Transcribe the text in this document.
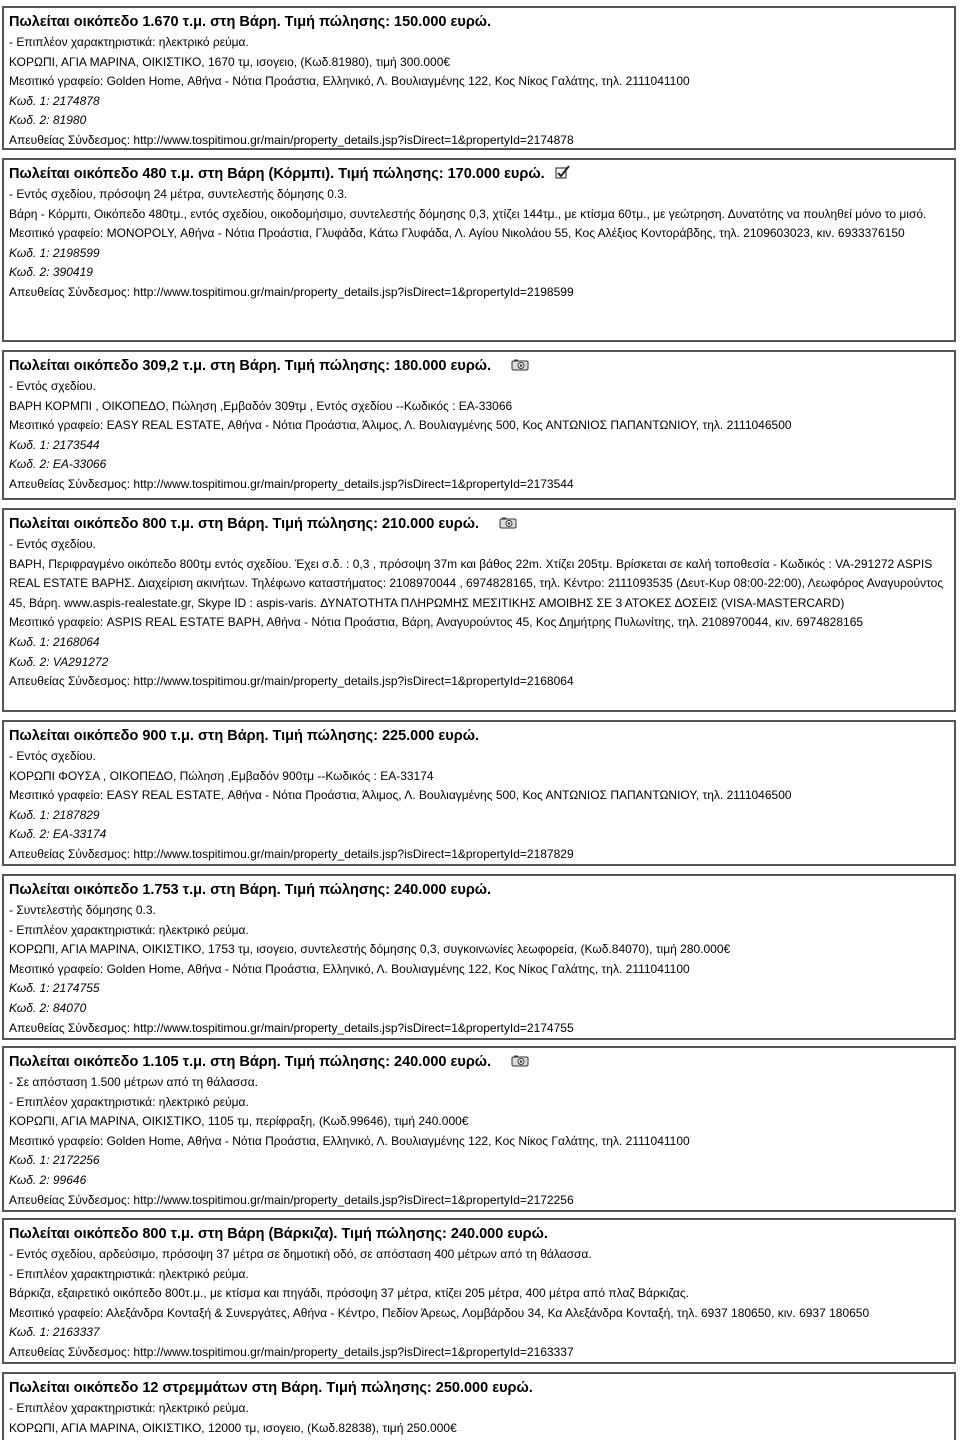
Πωλείται οικόπεδο 1.670 τ.μ. στη Βάρη. Τιμή πώλησης: 150.000 ευρώ.
- Επιπλέον χαρακτηριστικά: ηλεκτρικό ρεύμα.
ΚΟΡΩΠΙ, ΑΓΙΑ ΜΑΡΙΝΑ, ΟΙΚΙΣΤΙΚΟ, 1670 τμ, ισογειο, (Κωδ.81980), τιμή 300.000€
Μεσιτικό γραφείο: Golden Home, Αθήνα - Νότια Προάστια, Ελληνικό, Λ. Βουλιαγμένης 122, Κος Νίκος Γαλάτης, τηλ. 2111041100
Κωδ. 1: 2174878
Κωδ. 2: 81980
Απευθείας Σύνδεσμος: http://www.tospitimou.gr/main/property_details.jsp?isDirect=1&propertyId=2174878
Πωλείται οικόπεδο 480 τ.μ. στη Βάρη (Κόρμπι). Τιμή πώλησης: 170.000 ευρώ.
- Εντός σχεδίου, πρόσοψη 24 μέτρα, συντελεστής δόμησης 0.3.
Βάρη - Κόρμπι, Οικόπεδο 480τμ., εντός σχεδίου, οικοδομήσιμο, συντελεστής δόμησης 0,3, χτίζει 144τμ., με κτίσμα 60τμ., με γεώτρηση. Δυνατότης να πουληθεί μόνο το μισό.
Μεσιτικό γραφείο: MONOPOLY, Αθήνα - Νότια Προάστια, Γλυφάδα, Κάτω Γλυφάδα, Λ. Αγίου Νικολάου 55, Κος Αλέξιος Κοντοράβδης, τηλ. 2109603023, κιν. 6933376150
Κωδ. 1: 2198599
Κωδ. 2: 390419
Απευθείας Σύνδεσμος: http://www.tospitimou.gr/main/property_details.jsp?isDirect=1&propertyId=2198599
Πωλείται οικόπεδο 309,2 τ.μ. στη Βάρη. Τιμή πώλησης: 180.000 ευρώ.
- Εντός σχεδίου.
ΒΑΡΗ ΚΟΡΜΠΙ , ΟΙΚΟΠΕΔΟ, Πώληση ,Εμβαδόν 309τμ , Εντός σχεδίου --Κωδικός : ΕΑ-33066
Μεσιτικό γραφείο: EASY REAL ESTATE, Αθήνα - Νότια Προάστια, Άλιμος, Λ. Βουλιαγμένης 500, Κος ΑΝΤΩΝΙΟΣ ΠΑΠΑΝΤΩΝΙΟΥ, τηλ. 2111046500
Κωδ. 1: 2173544
Κωδ. 2: ΕΑ-33066
Απευθείας Σύνδεσμος: http://www.tospitimou.gr/main/property_details.jsp?isDirect=1&propertyId=2173544
Πωλείται οικόπεδο 800 τ.μ. στη Βάρη. Τιμή πώλησης: 210.000 ευρώ.
- Εντός σχεδίου.
ΒΑΡΗ, Περιφραγμένο οικόπεδο 800τμ εντός σχεδίου. Έχει σ.δ. : 0,3 , πρόσοψη 37m και βάθος 22m. Χτίζει 205τμ. Βρίσκεται σε καλή τοποθεσία - Κωδικός : VA-291272 ASPIS REAL ESTATE ΒΑΡΗΣ. Διαχείριση ακινήτων. Τηλέφωνο καταστήματος: 2108970044 , 6974828165, τηλ. Κέντρο: 2111093535 (Δευτ-Κυρ 08:00-22:00), Λεωφόρος Αναγυρούντος 45, Βάρη. www.aspis-realestate.gr, Skype ID : aspis-varis. ΔΥΝΑΤΟΤΗΤΑ ΠΛΗΡΩΜΗΣ ΜΕΣΙΤΙΚΗΣ ΑΜΟΙΒΗΣ ΣΕ 3 ΑΤΟΚΕΣ ΔΟΣΕΙΣ (VISA-MASTERCARD)
Μεσιτικό γραφείο: ASPIS REAL ESTATE ΒΑΡΗ, Αθήνα - Νότια Προάστια, Βάρη, Αναγυρούντος 45, Κος Δημήτρης Πυλωνίτης, τηλ. 2108970044, κιν. 6974828165
Κωδ. 1: 2168064
Κωδ. 2: VA291272
Απευθείας Σύνδεσμος: http://www.tospitimou.gr/main/property_details.jsp?isDirect=1&propertyId=2168064
Πωλείται οικόπεδο 900 τ.μ. στη Βάρη. Τιμή πώλησης: 225.000 ευρώ.
- Εντός σχεδίου.
ΚΟΡΩΠΙ ΦΟΥΣΑ , ΟΙΚΟΠΕΔΟ, Πώληση ,Εμβαδόν 900τμ --Κωδικός : ΕΑ-33174
Μεσιτικό γραφείο: EASY REAL ESTATE, Αθήνα - Νότια Προάστια, Άλιμος, Λ. Βουλιαγμένης 500, Κος ΑΝΤΩΝΙΟΣ ΠΑΠΑΝΤΩΝΙΟΥ, τηλ. 2111046500
Κωδ. 1: 2187829
Κωδ. 2: ΕΑ-33174
Απευθείας Σύνδεσμος: http://www.tospitimou.gr/main/property_details.jsp?isDirect=1&propertyId=2187829
Πωλείται οικόπεδο 1.753 τ.μ. στη Βάρη. Τιμή πώλησης: 240.000 ευρώ.
- Συντελεστής δόμησης 0.3.
- Επιπλέον χαρακτηριστικά: ηλεκτρικό ρεύμα.
ΚΟΡΩΠΙ, ΑΓΙΑ ΜΑΡΙΝΑ, ΟΙΚΙΣΤΙΚΟ, 1753 τμ, ισογειο, συντελεστής δόμησης 0,3, συγκοινωνίες λεωφορεία, (Κωδ.84070), τιμή 280.000€
Μεσιτικό γραφείο: Golden Home, Αθήνα - Νότια Προάστια, Ελληνικό, Λ. Βουλιαγμένης 122, Κος Νίκος Γαλάτης, τηλ. 2111041100
Κωδ. 1: 2174755
Κωδ. 2: 84070
Απευθείας Σύνδεσμος: http://www.tospitimou.gr/main/property_details.jsp?isDirect=1&propertyId=2174755
Πωλείται οικόπεδο 1.105 τ.μ. στη Βάρη. Τιμή πώλησης: 240.000 ευρώ.
- Σε απόσταση 1.500 μέτρων από τη θάλασσα.
- Επιπλέον χαρακτηριστικά: ηλεκτρικό ρεύμα.
ΚΟΡΩΠΙ, ΑΓΙΑ ΜΑΡΙΝΑ, ΟΙΚΙΣΤΙΚΟ, 1105 τμ, περίφραξη, (Κωδ.99646), τιμή 240.000€
Μεσιτικό γραφείο: Golden Home, Αθήνα - Νότια Προάστια, Ελληνικό, Λ. Βουλιαγμένης 122, Κος Νίκος Γαλάτης, τηλ. 2111041100
Κωδ. 1: 2172256
Κωδ. 2: 99646
Απευθείας Σύνδεσμος: http://www.tospitimou.gr/main/property_details.jsp?isDirect=1&propertyId=2172256
Πωλείται οικόπεδο 800 τ.μ. στη Βάρη (Βάρκιζα). Τιμή πώλησης: 240.000 ευρώ.
- Εντός σχεδίου, αρδεύσιμο, πρόσοψη 37 μέτρα σε δημοτική οδό, σε απόσταση 400 μέτρων από τη θάλασσα.
- Επιπλέον χαρακτηριστικά: ηλεκτρικό ρεύμα.
Βάρκιζα, εξαιρετικό οικόπεδο 800τ.μ., με κτίσμα και πηγάδι, πρόσοψη 37 μέτρα, κτίζει 205 μέτρα, 400 μέτρα από πλαζ Βάρκιζας.
Μεσιτικό γραφείο: Αλεξάνδρα Κονταξή & Συνεργάτες, Αθήνα - Κέντρο, Πεδίον Άρεως, Λομβάρδου 34, Κα Αλεξάνδρα Κονταξή, τηλ. 6937 180650, κιν. 6937 180650
Κωδ. 1: 2163337
Απευθείας Σύνδεσμος: http://www.tospitimou.gr/main/property_details.jsp?isDirect=1&propertyId=2163337
Πωλείται οικόπεδο 12 στρεμμάτων στη Βάρη. Τιμή πώλησης: 250.000 ευρώ.
- Επιπλέον χαρακτηριστικά: ηλεκτρικό ρεύμα.
ΚΟΡΩΠΙ, ΑΓΙΑ ΜΑΡΙΝΑ, ΟΙΚΙΣΤΙΚΟ, 12000 τμ, ισογειο, (Κωδ.82838), τιμή 250.000€
